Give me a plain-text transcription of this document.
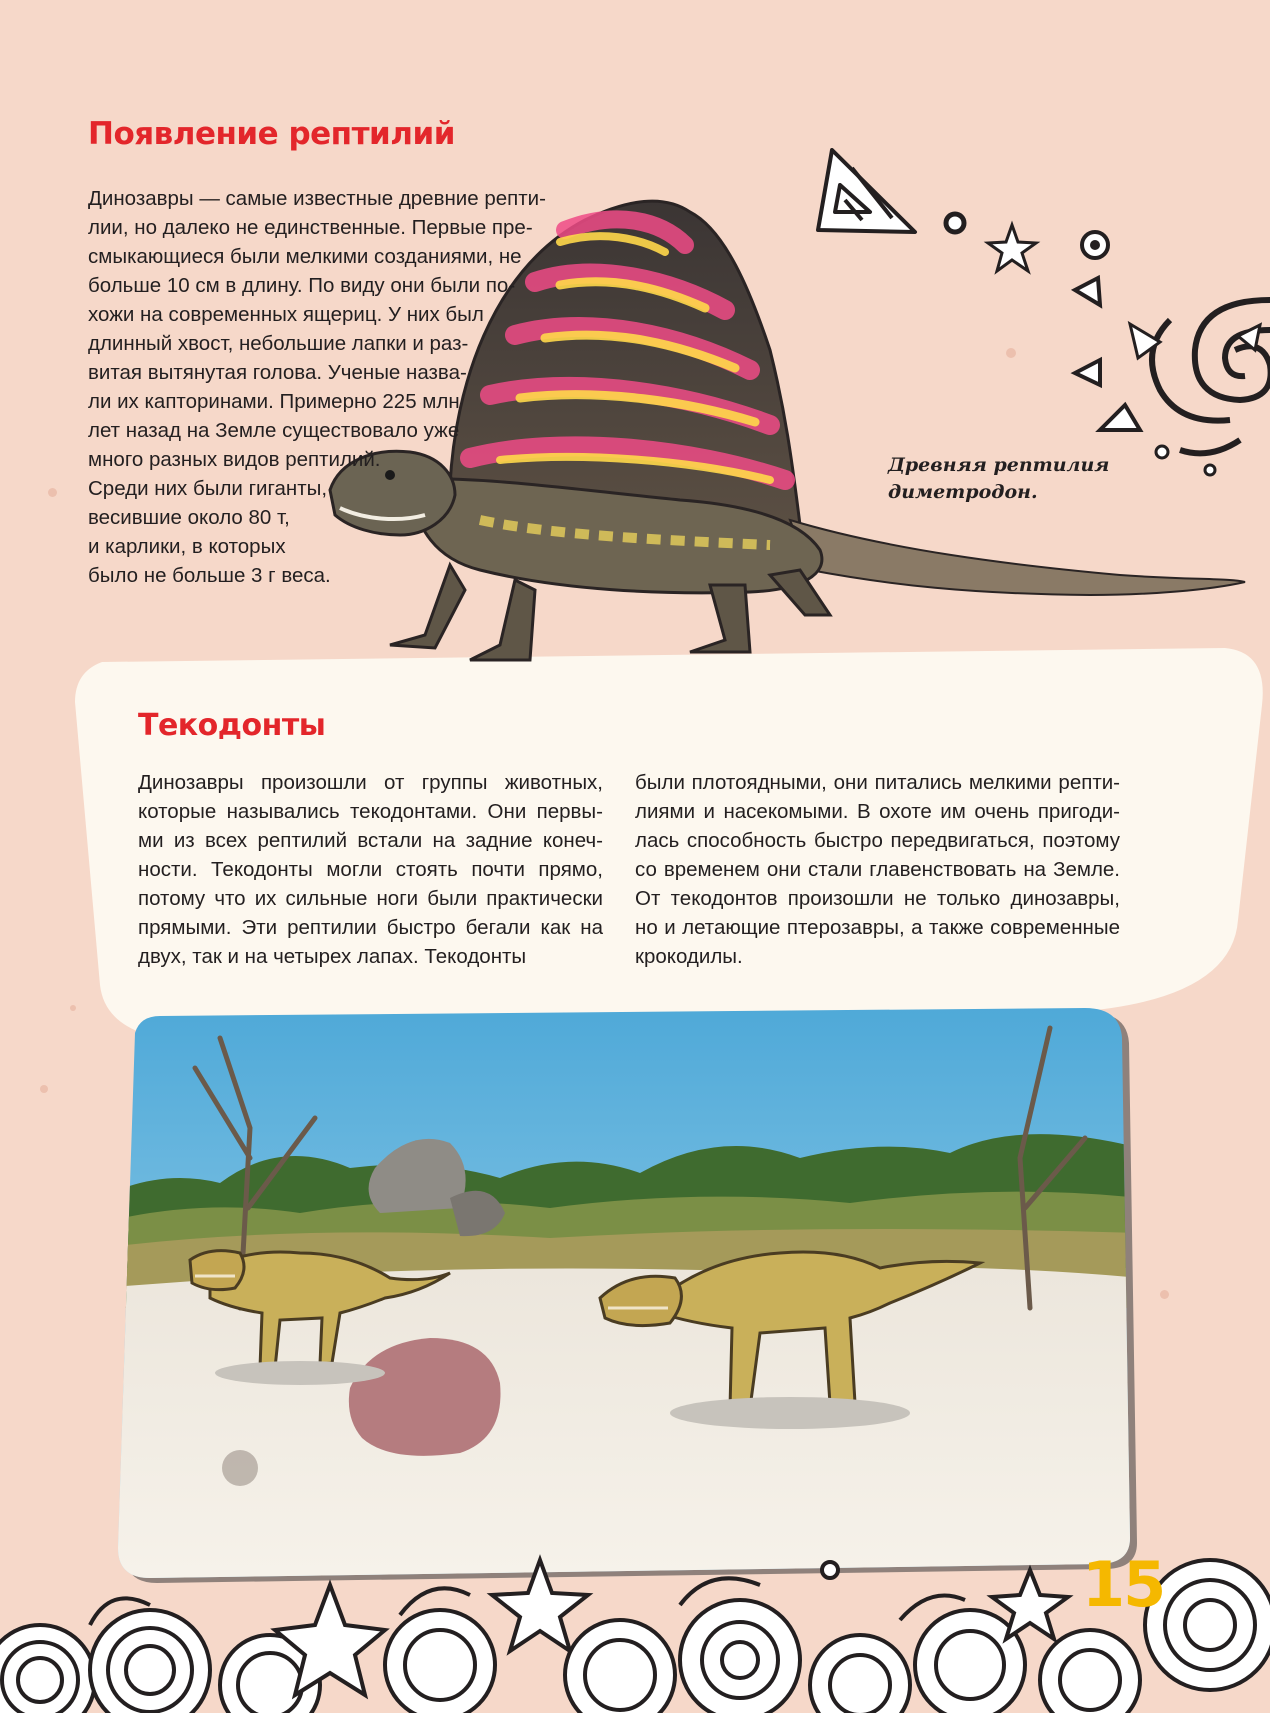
Появление рептилий
Динозавры — самые известные древние репти-
лии, но далеко не единственные. Первые пре-
смыкающиеся были мелкими созданиями, не
больше 10 см в длину. По виду они были по-
хожи на современных ящериц. У них был
длинный хвост, небольшие лапки и раз-
витая вытянутая голова. Ученые назва-
ли их капторинами. Примерно 225 млн
лет назад на Земле существовало уже
много разных видов рептилий.
Среди них были гиганты,
весившие около 80 т,
и карлики, в которых
было не больше 3 г веса.
Древняя рептилия
диметродон.
Текодонты

Динозавры произошли от группы животных, которые назывались текодонтами. Они первыми из всех рептилий встали на задние конечности. Текодонты могли стоять почти прямо, потому что их сильные ноги были практически прямыми. Эти рептилии быстро бегали как на двух, так и на четырех лапах. Текодонты

были плотоядными, они питались мелкими рептилиями и насекомыми. В охоте им очень пригодилась способность быстро передвигаться, поэтому со временем они стали главенствовать на Земле. От текодонтов произошли не только динозавры, но и летающие птерозавры, а также современные крокодилы.

15
